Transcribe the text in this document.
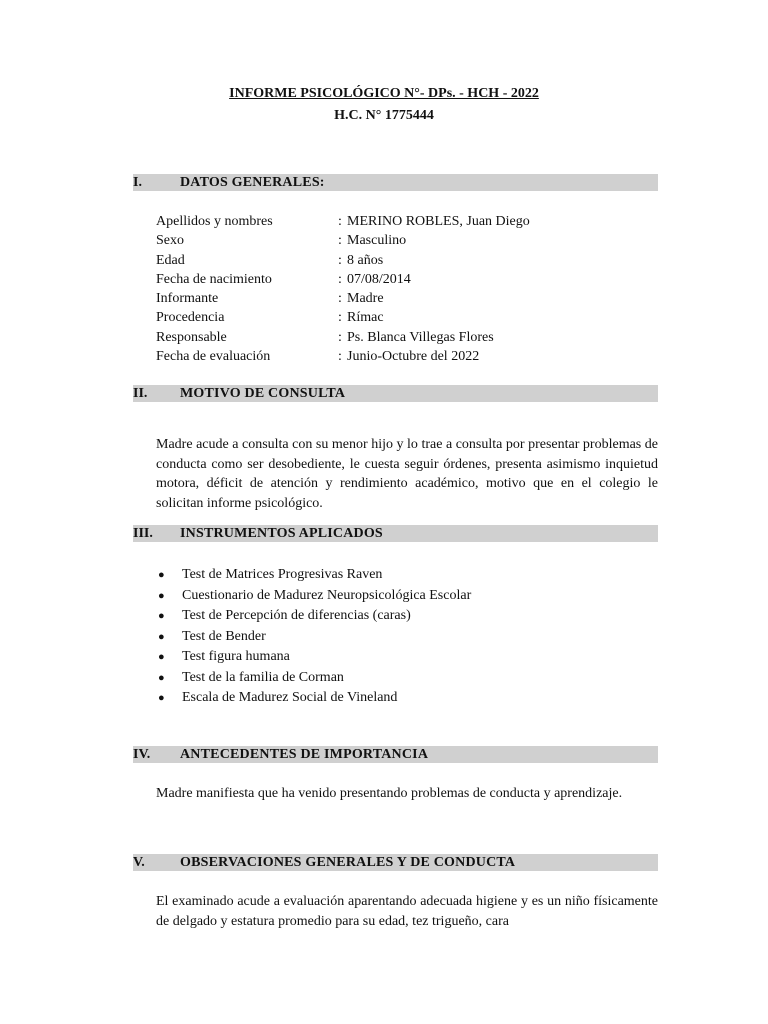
INFORME PSICOLÓGICO N°- DPs. - HCH - 2022
H.C. N° 1775444
I.	DATOS GENERALES:
Apellidos y nombres	: MERINO ROBLES, Juan Diego
Sexo	: Masculino
Edad	: 8 años
Fecha de nacimiento	: 07/08/2014
Informante	: Madre
Procedencia	: Rímac
Responsable	: Ps. Blanca Villegas Flores
Fecha de evaluación	: Junio-Octubre del 2022
II. MOTIVO DE CONSULTA
Madre acude a consulta con su menor hijo y lo trae a consulta por presentar problemas de conducta como ser desobediente, le cuesta seguir órdenes, presenta asimismo inquietud motora, déficit de atención y rendimiento académico, motivo que en el colegio le solicitan informe psicológico.
III. INSTRUMENTOS APLICADOS
● Test de Matrices Progresivas Raven
● Cuestionario de Madurez Neuropsicológica Escolar
● Test de Percepción de diferencias (caras)
● Test de Bender
● Test figura humana
● Test de la familia de Corman
● Escala de Madurez Social de Vineland
IV. ANTECEDENTES DE IMPORTANCIA
Madre manifiesta que ha venido presentando problemas de conducta y aprendizaje.
V.	OBSERVACIONES GENERALES Y DE CONDUCTA
El examinado acude a evaluación aparentando adecuada higiene y es un niño físicamente de delgado y estatura promedio para su edad, tez trigueño, cara
